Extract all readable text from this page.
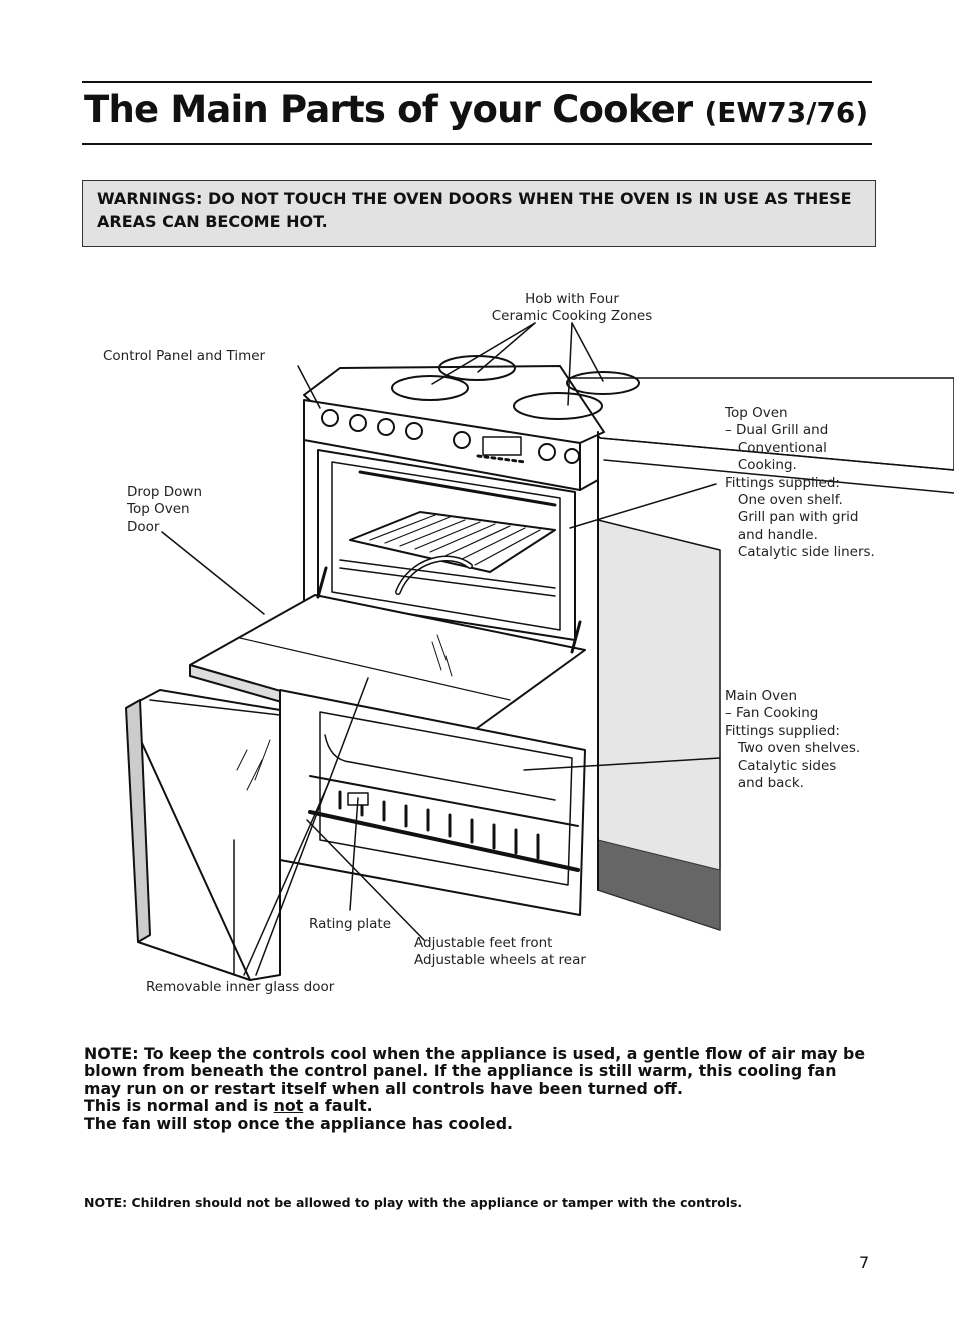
The Main Parts of your Cooker (EW73/76)
WARNINGS: DO NOT TOUCH THE OVEN DOORS WHEN THE OVEN IS IN USE AS THESE
AREAS CAN BECOME HOT.
Hob with Four
Ceramic Cooking Zones
Control Panel and Timer
Drop Down
Top Oven
Door
Top Oven
– Dual Grill and
Conventional
Cooking.
Fittings supplied:
One oven shelf.
Grill pan with grid
and handle.
Catalytic side liners.
Main Oven
– Fan Cooking
Fittings supplied:
Two oven shelves.
Catalytic sides
and back.
Rating plate
Adjustable feet front
Adjustable wheels at rear
Removable inner glass door
NOTE: To keep the controls cool when the appliance is used, a gentle flow of air may be blown from beneath the control panel. If the appliance is still warm, this cooling fan may run on or restart itself when all controls have been turned off.
This is normal and is not a fault.
The fan will stop once the appliance has cooled.
NOTE: Children should not be allowed to play with the appliance or tamper with the controls.
7
